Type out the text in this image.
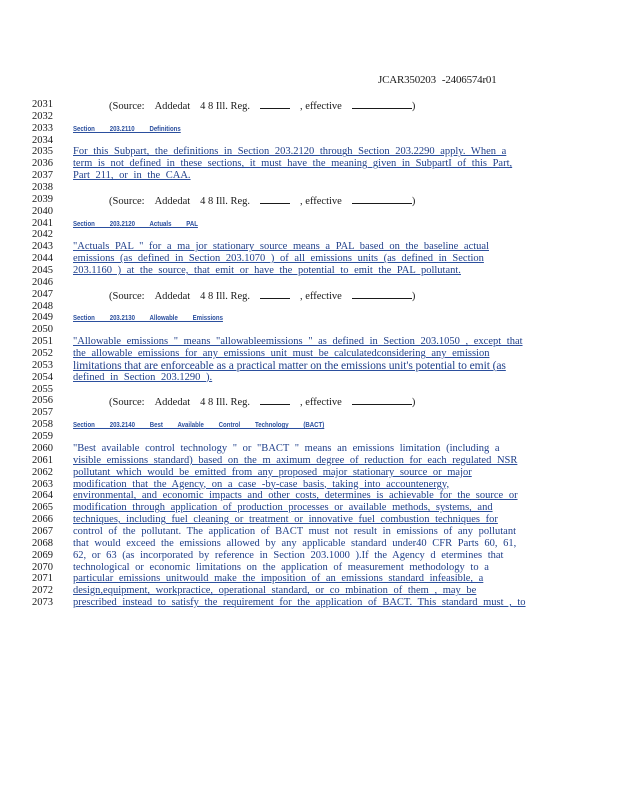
JCAR350203 -2406574r01
2031
2032
2033
2034
2035
2036
2037
2038
2039
2040
2041
2042
2043
2044
2045
2046
2047
2048
2049
2050
2051
2052
2053
2054
2055
2056
2057
2058
2059
2060
2061
2062
2063
2064
2065
2066
2067
2068
2069
2070
2071
2072
2073
(Source: Addedat 4 8 Ill. Reg.	, effective	)
Section 203.2110 Definitions
For this Subpart, the definitions in Section 203.2120 through Section 203.2290 apply. When a
term is not defined in these sections, it must have the meaning given in SubpartI of this Part,
Part 211, or in the CAA.
(Source: Addedat 4 8 Ill. Reg.	, effective	)
Section 203.2120 Actuals PAL
"Actuals PAL " for a ma jor stationary source means a PAL based on the baseline actual
emissions (as defined in Section 203.1070 ) of all emissions units (as defined in Section
203.1160 ) at the source, that emit or have the potential to emit the PAL pollutant.
(Source: Addedat 4 8 Ill. Reg.	, effective	)
Section 203.2130 Allowable Emissions
"Allowable emissions " means "allowableemissions " as defined in Section 203.1050 , except that
the allowable emissions for any emissions unit must be calculatedconsidering any emission
limitations that are enforceable as a practical matter on the emissions unit's potential to emit (as
defined in Section 203.1290 ).
(Source: Addedat 4 8 Ill. Reg.	, effective	)
Section 203.2140 Best Available Control Technology (BACT)
"Best available control technology " or "BACT " means an emissions limitation (including a
visible emissions standard) based on the m aximum degree of reduction for each regulated NSR
pollutant which would be emitted from any proposed major stationary source or major
modification that the Agency, on a case -by-case basis, taking into accountenergy,
environmental, and economic impacts and other costs, determines is achievable for the source or
modification through application of production processes or available methods, systems, and
techniques, including fuel cleaning or treatment or innovative fuel combustion techniques for
control of the pollutant. The application of BACT must not result in emissions of any pollutant
that would exceed the emissions allowed by any applicable standard under40 CFR Parts 60, 61,
62, or 63 (as incorporated by reference in Section 203.1000 ).If the Agency d etermines that
technological or economic limitations on the application of measurement methodology to a
particular emissions unitwould make the imposition of an emissions standard infeasible, a
design,equipment, workpractice, operational standard, or co mbination of them , may be
prescribed instead to satisfy the requirement for the application of BACT. This standard must , to
